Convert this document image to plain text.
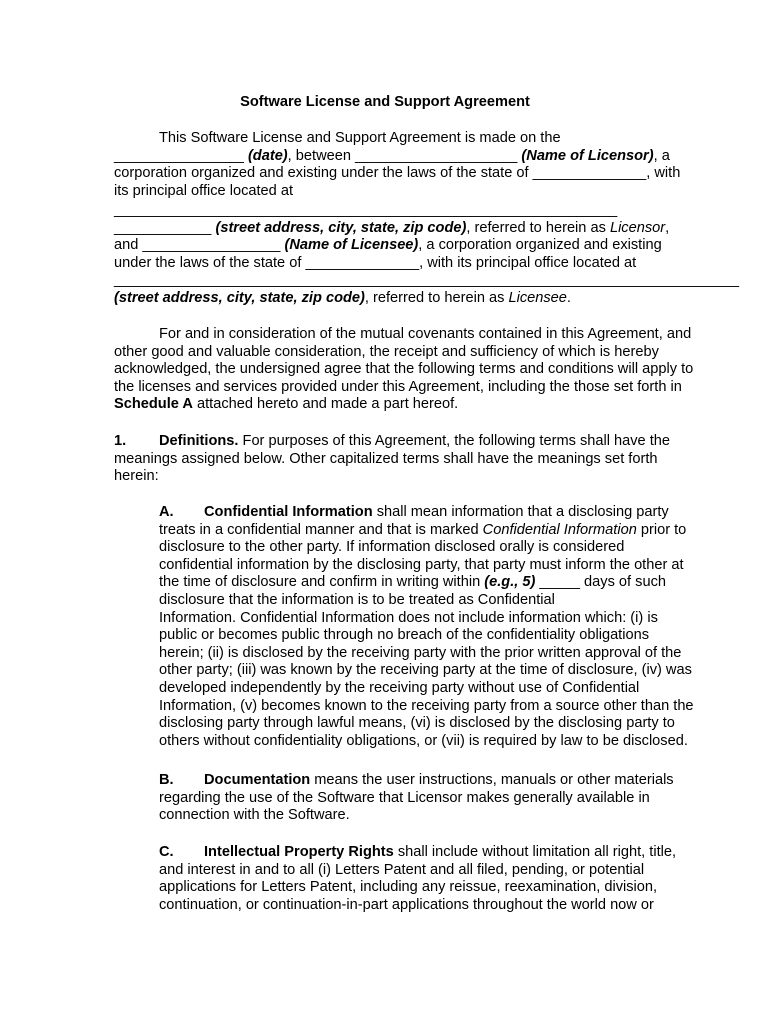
Software License and Support Agreement
This Software License and Support Agreement is made on the
________________ (date), between ____________________ (Name of Licensor), a
corporation organized and existing under the laws of the state of ______________, with
its principal office located at
______________________________________________________________
____________ (street address, city, state, zip code), referred to herein as Licensor,
and _________________ (Name of Licensee), a corporation organized and existing
under the laws of the state of ______________, with its principal office located at
_____________________________________________________________________________
(street address, city, state, zip code), referred to herein as Licensee.
For and in consideration of the mutual covenants contained in this Agreement, and
other good and valuable consideration, the receipt and sufficiency of which is hereby
acknowledged, the undersigned agree that the following terms and conditions will apply to
the licenses and services provided under this Agreement, including the those set forth in
Schedule A attached hereto and made a part hereof.
1. Definitions. For purposes of this Agreement, the following terms shall have the
meanings assigned below. Other capitalized terms shall have the meanings set forth
herein:
A. Confidential Information shall mean information that a disclosing party
treats in a confidential manner and that is marked Confidential Information prior to
disclosure to the other party. If information disclosed orally is considered
confidential information by the disclosing party, that party must inform the other at
the time of disclosure and confirm in writing within (e.g., 5) _____ days of such
disclosure that the information is to be treated as Confidential
Information. Confidential Information does not include information which: (i) is
public or becomes public through no breach of the confidentiality obligations
herein; (ii) is disclosed by the receiving party with the prior written approval of the
other party; (iii) was known by the receiving party at the time of disclosure, (iv) was
developed independently by the receiving party without use of Confidential
Information, (v) becomes known to the receiving party from a source other than the
disclosing party through lawful means, (vi) is disclosed by the disclosing party to
others without confidentiality obligations, or (vii) is required by law to be disclosed.
B. Documentation means the user instructions, manuals or other materials
regarding the use of the Software that Licensor makes generally available in
connection with the Software.
C. Intellectual Property Rights shall include without limitation all right, title,
and interest in and to all (i) Letters Patent and all filed, pending, or potential
applications for Letters Patent, including any reissue, reexamination, division,
continuation, or continuation-in-part applications throughout the world now or
